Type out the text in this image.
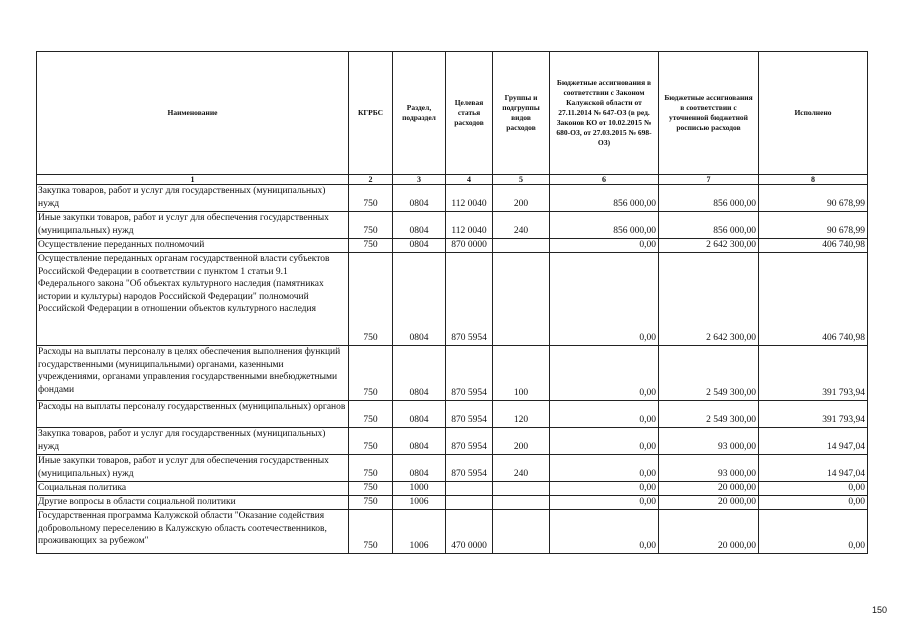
Наименование	КГРБС	Раздел, подраздел	Целевая статья расходов	Группы и подгруппы видов расходов	Бюджетные ассигнования в соответствии с Законом Калужской области от 27.11.2014 № 647-ОЗ (в ред. Законов КО от 10.02.2015 № 680-ОЗ, от 27.03.2015 № 698-ОЗ)	Бюджетные ассигнования в соответствии с уточненной бюджетной росписью расходов	Исполнено
1	2	3	4	5	6	7	8
Закупка товаров, работ и услуг для государственных (муниципальных) нужд	750	0804	112 0040	200	856 000,00	856 000,00	90 678,99
Иные закупки товаров, работ и услуг для обеспечения государственных (муниципальных) нужд	750	0804	112 0040	240	856 000,00	856 000,00	90 678,99
Осуществление переданных полномочий	750	0804	870 0000		0,00	2 642 300,00	406 740,98
Осуществление переданных органам государственной власти субъектов Российской Федерации в соответствии с пунктом 1 статьи 9.1 Федерального закона "Об объектах культурного наследия (памятниках истории и культуры) народов Российской Федерации" полномочий Российской Федерации в отношении объектов культурного наследия	750	0804	870 5954		0,00	2 642 300,00	406 740,98
Расходы на выплаты персоналу в целях обеспечения выполнения функций государственными (муниципальными) органами, казенными учреждениями, органами управления государственными внебюджетными фондами	750	0804	870 5954	100	0,00	2 549 300,00	391 793,94
Расходы на выплаты персоналу государственных (муниципальных) органов	750	0804	870 5954	120	0,00	2 549 300,00	391 793,94
Закупка товаров, работ и услуг для государственных (муниципальных) нужд	750	0804	870 5954	200	0,00	93 000,00	14 947,04
Иные закупки товаров, работ и услуг для обеспечения государственных (муниципальных) нужд	750	0804	870 5954	240	0,00	93 000,00	14 947,04
Социальная политика	750	1000			0,00	20 000,00	0,00
Другие вопросы в области социальной политики	750	1006			0,00	20 000,00	0,00
Государственная программа Калужской области "Оказание содействия добровольному переселению в Калужскую область соотечественников, проживающих за рубежом"	750	1006	470 0000		0,00	20 000,00	0,00
150
